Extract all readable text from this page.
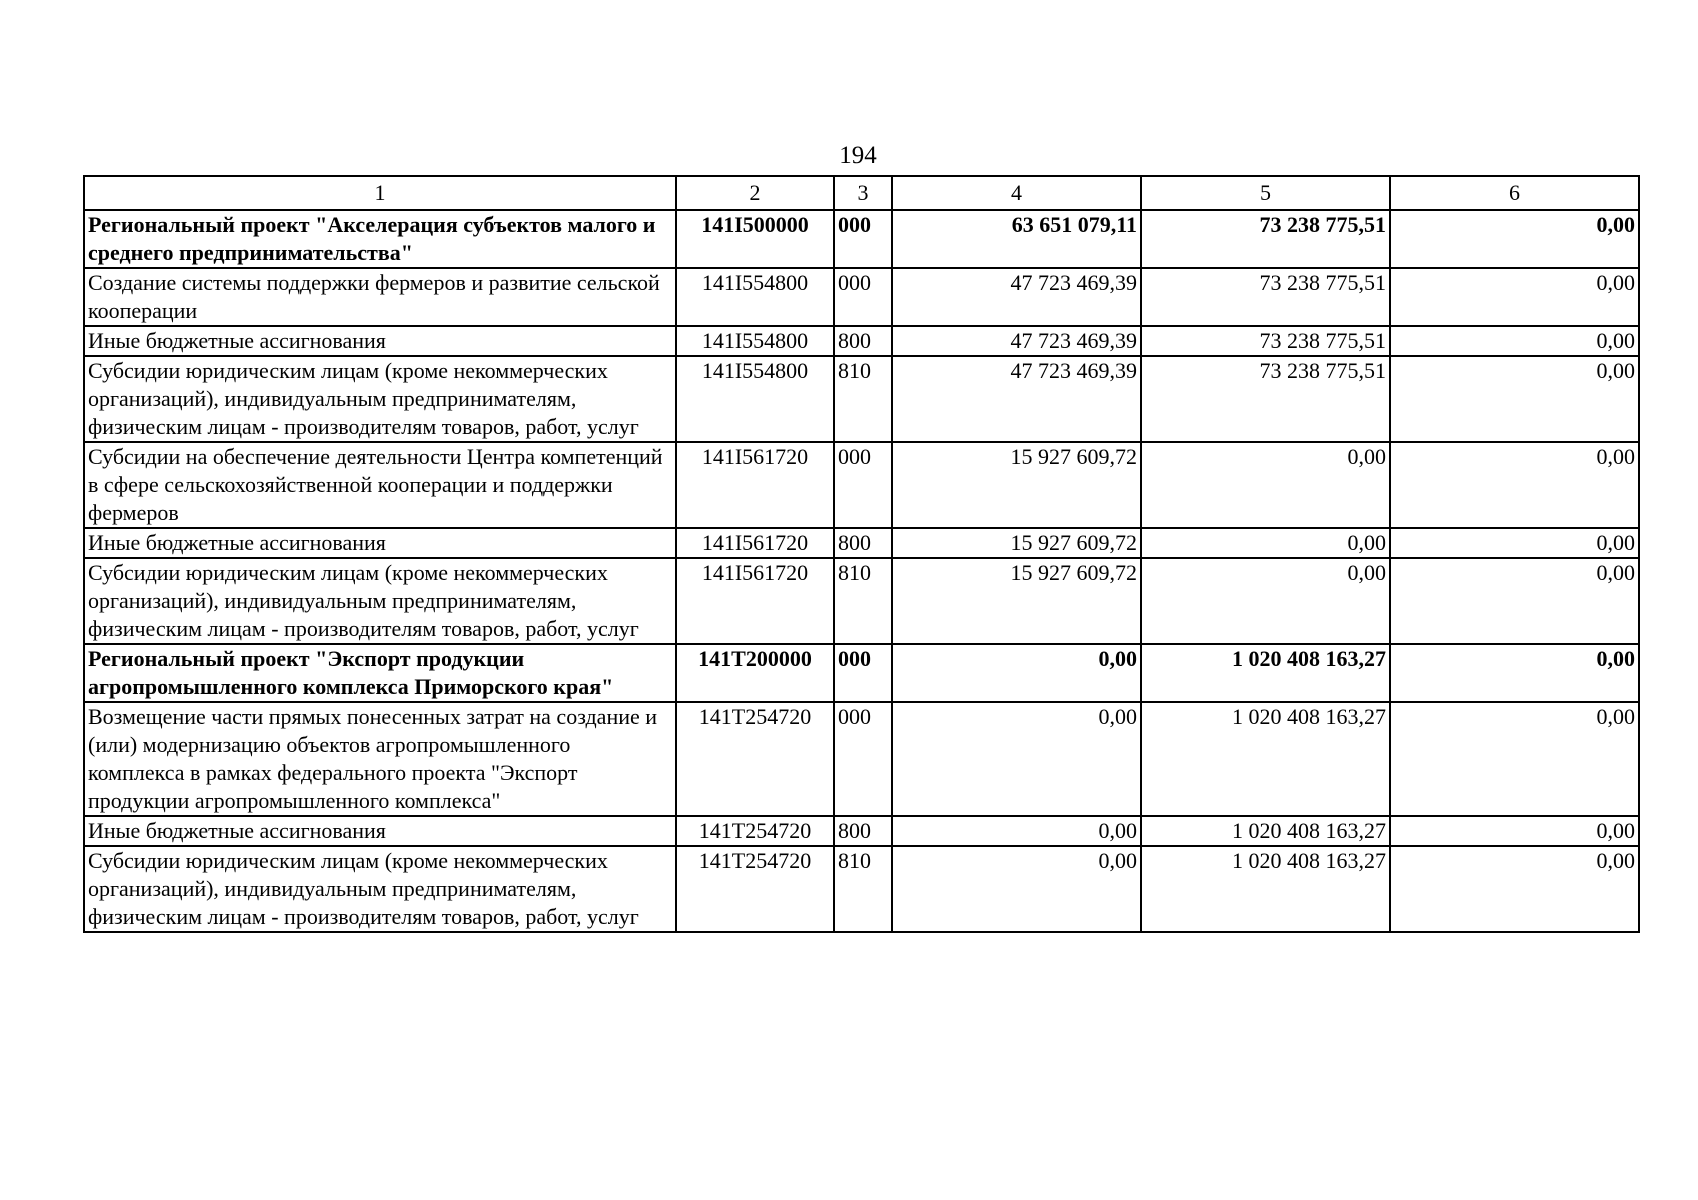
194
1	2	3	4	5	6
Региональный проект "Акселерация субъектов малого и среднего предпринимательства"	141I500000	000	63 651 079,11	73 238 775,51	0,00
Создание системы поддержки фермеров и развитие сельской кооперации	141I554800	000	47 723 469,39	73 238 775,51	0,00
Иные бюджетные ассигнования	141I554800	800	47 723 469,39	73 238 775,51	0,00
Субсидии юридическим лицам (кроме некоммерческих организаций), индивидуальным предпринимателям, физическим лицам - производителям товаров, работ, услуг	141I554800	810	47 723 469,39	73 238 775,51	0,00
Субсидии на обеспечение деятельности Центра компетенций в сфере сельскохозяйственной кооперации и поддержки фермеров	141I561720	000	15 927 609,72	0,00	0,00
Иные бюджетные ассигнования	141I561720	800	15 927 609,72	0,00	0,00
Субсидии юридическим лицам (кроме некоммерческих организаций), индивидуальным предпринимателям, физическим лицам - производителям товаров, работ, услуг	141I561720	810	15 927 609,72	0,00	0,00
Региональный проект "Экспорт продукции агропромышленного комплекса Приморского края"	141T200000	000	0,00	1 020 408 163,27	0,00
Возмещение части прямых понесенных затрат на создание и (или) модернизацию объектов агропромышленного комплекса в рамках федерального проекта "Экспорт продукции агропромышленного комплекса"	141T254720	000	0,00	1 020 408 163,27	0,00
Иные бюджетные ассигнования	141T254720	800	0,00	1 020 408 163,27	0,00
Субсидии юридическим лицам (кроме некоммерческих организаций), индивидуальным предпринимателям, физическим лицам - производителям товаров, работ, услуг	141T254720	810	0,00	1 020 408 163,27	0,00
